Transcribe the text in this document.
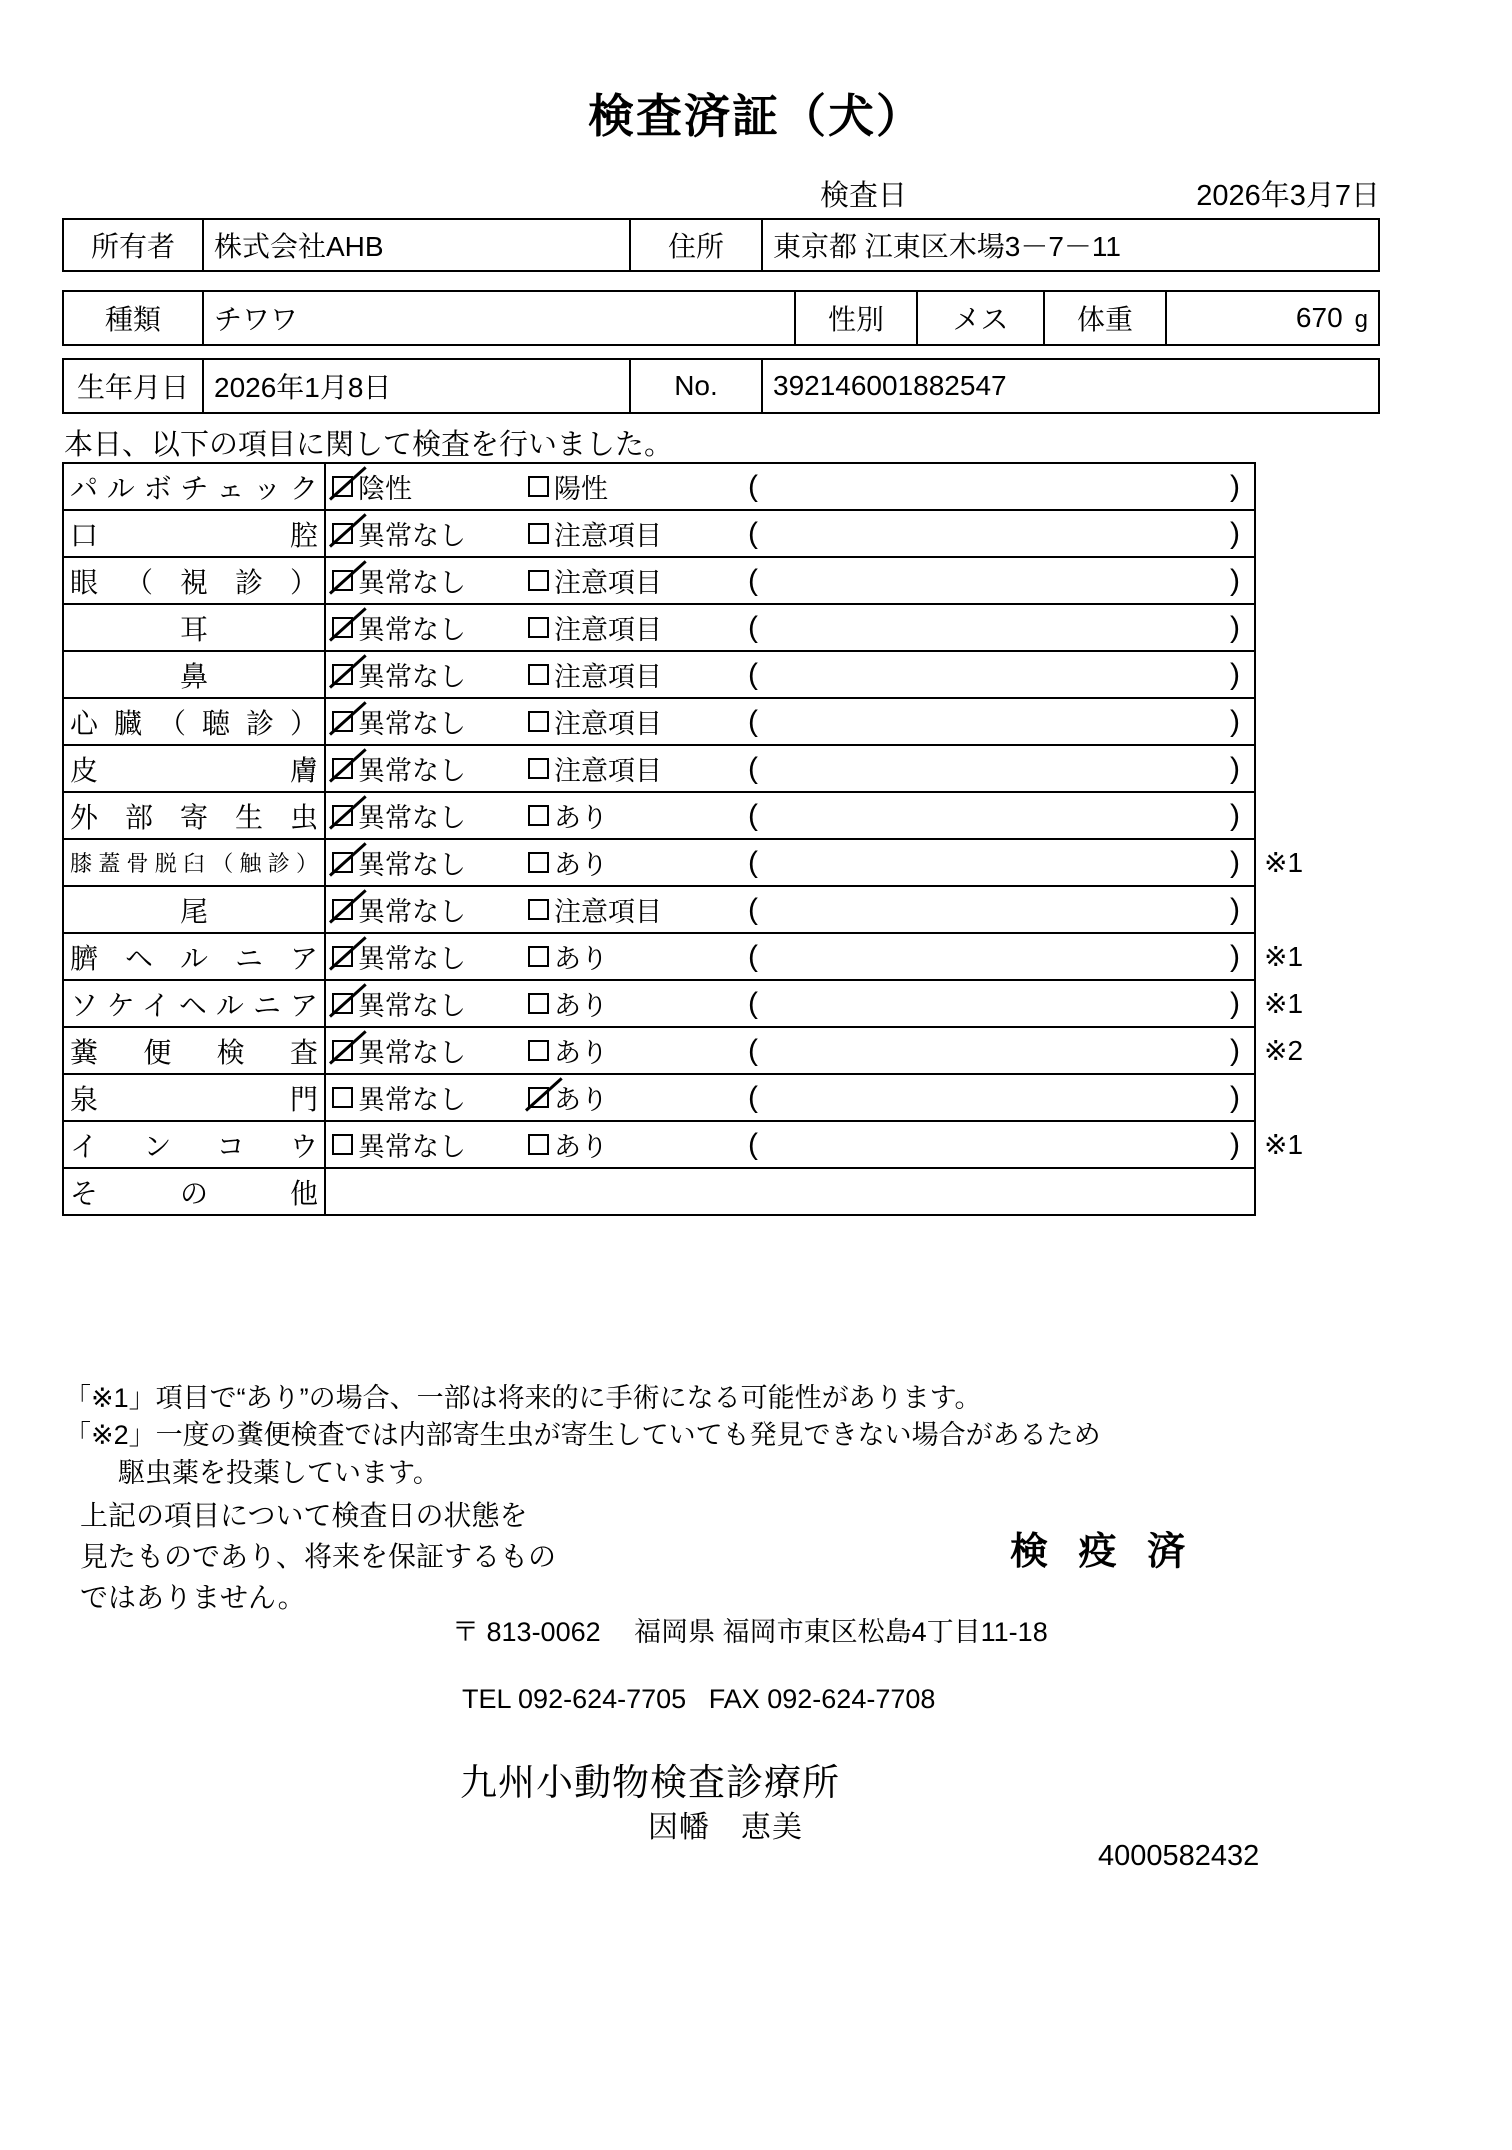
検査済証（犬）
検査日	2026年3月7日
所有者	株式会社AHB	住所	東京都 江東区木場3－7－11
種類	チワワ	性別	メス	体重	670 g
生年月日	2026年1月8日	No.	392146001882547
本日、以下の項目に関して検査を行いました。
パルボチェック	陰性 陽性 ( )	

口腔	異常なし 注意項目 ( )	

眼（視診）	異常なし 注意項目 ( )	

耳	異常なし 注意項目 ( )	

鼻	異常なし 注意項目 ( )	

心臓（聴診）	異常なし 注意項目 ( )	

皮膚	異常なし 注意項目 ( )	

外部寄生虫	異常なし あり ( )	

膝蓋骨脱臼（触診）	異常なし あり ( )	※1
尾	異常なし 注意項目 ( )	

臍ヘルニア	異常なし あり ( )	※1
ソケイヘルニア	異常なし あり ( )	※1
糞便検査	異常なし あり ( )	※2
泉門	異常なし あり ( )	

インコウ	異常なし あり ( )	※1
その他		
「※1」項目で“あり”の場合、一部は将来的に手術になる可能性があります。
「※2」一度の糞便検査では内部寄生虫が寄生していても発見できない場合があるため
駆虫薬を投薬しています。
上記の項目について検査日の状態を
見たものであり、将来を保証するもの
ではありません。
検 疫 済
〒 813-0062 福岡県 福岡市東区松島4丁目11-18
TEL 092-624-7705 FAX 092-624-7708
九州小動物検査診療所
因幡　恵美
4000582432
